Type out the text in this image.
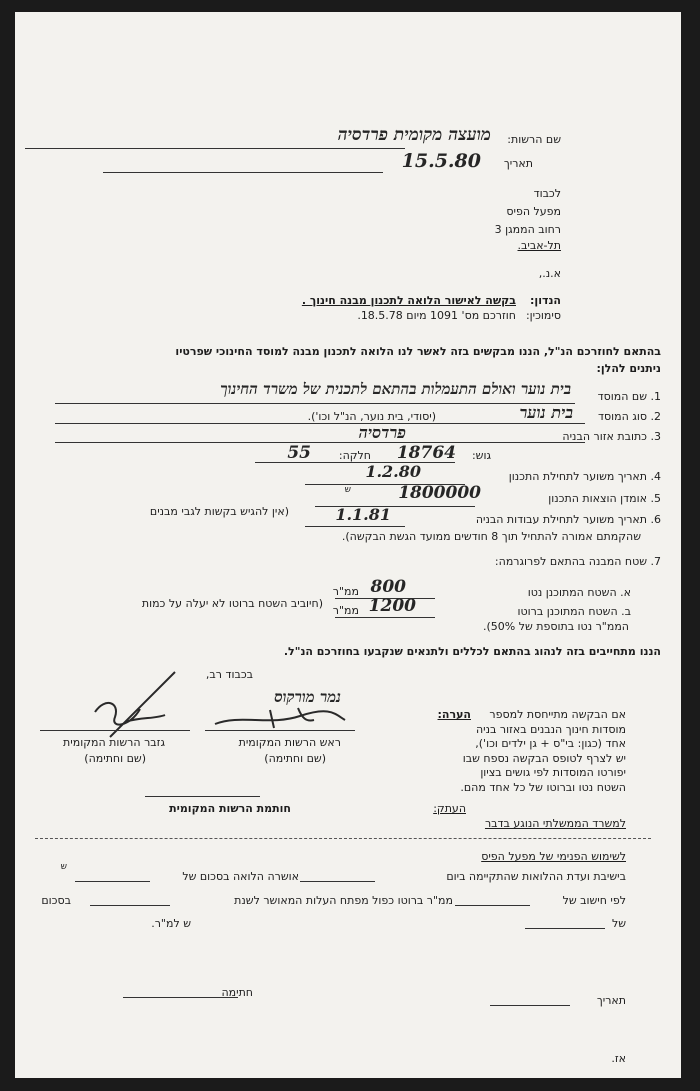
שם הרשות:
מועצה מקומית פרדסיה
תאריך
15.5.80
לכבוד
מפעל הפיס
רחוב הממגן 3
תל-אביב.
א.נ.,
הנדון:
בקשה לאישור הלואה לתכנון מבנה חינוך .
סימוכין:
חוזרכם מס' 1091 מיום 18.5.78.
בהתאם לחוזרכם הנ"ל, הננו מבקשים בזה לאשר לנו הלואה לתכנון מבנה למוסד החינוכי שפרטיו
ניתנים להלן:
1. שם המוסד
בית נוער ואולם התעמלות בהתאם לתכנית של משרד החינוך
2. סוג המוסד
בית נוער
(יסודי, בית נוער, הנ"ל וכו').
3. כתובת אזור הבניה
פרדסיה
גוש:
18764
חלקה:
55
4. תאריך משוער לתחילת התכנון
1.2.80
5. אומדן הוצאות התכנון
1800000
ש
6. תאריך משוער לתחילת עבודות הבניה
1.1.81
(אין להגיש בקשות לגבי מבנים
שהקמתם אמורה להתחיל תוך 8 חודשים ממועד הגשת הבקשה).
7. שטח המבנה בהתאם לפרוגרמה:
א. השטח המתוכנן נטו
800
ממ"ר
ב. השטח המתוכנן ברוטו
1200
ממ"ר
(חיוביב השטח ברוטו לא יעלה על כמות
הממ"ר נטו בתוספת של 50%).
הננו מתחייבים בזה לנהוג בהתאם לכללים ולתנאים שנקבעו בחוזרכם הנ"ל.
בכבוד רב,
הערה: אם הבקשה מתייחסת למספר
מוסדות חינוך הנבנים באזור בניה
אחד (כגון: בי"ס + גן ילדים וכו'),
יש לצרף לטופס הבקשה נספח שבו
יפורטו המוסדות לפי גושים בציון
השטח נטו וברוטו של כל אחד מהם.
נמר מורקוס
ראש הרשות המקומית
(שם וחתימה)
גזבר הרשות המקומית
(שם וחתימה)
חותמת הרשות המקומית	העתק:
למשרד הממשלתי הנוגע בדבר
לשימוש הפנימי של מפעל הפיס
בישיבת ועדת ההלואות שהתקיימה ביום
אושרה הלואה בסכום של
ש
לפי חישוב של
ממ"ר ברוטו כפול מפתח העלות המאושר לשנת
בסכום
של
ש למ"ר.
חתימה
תאריך
אז.
